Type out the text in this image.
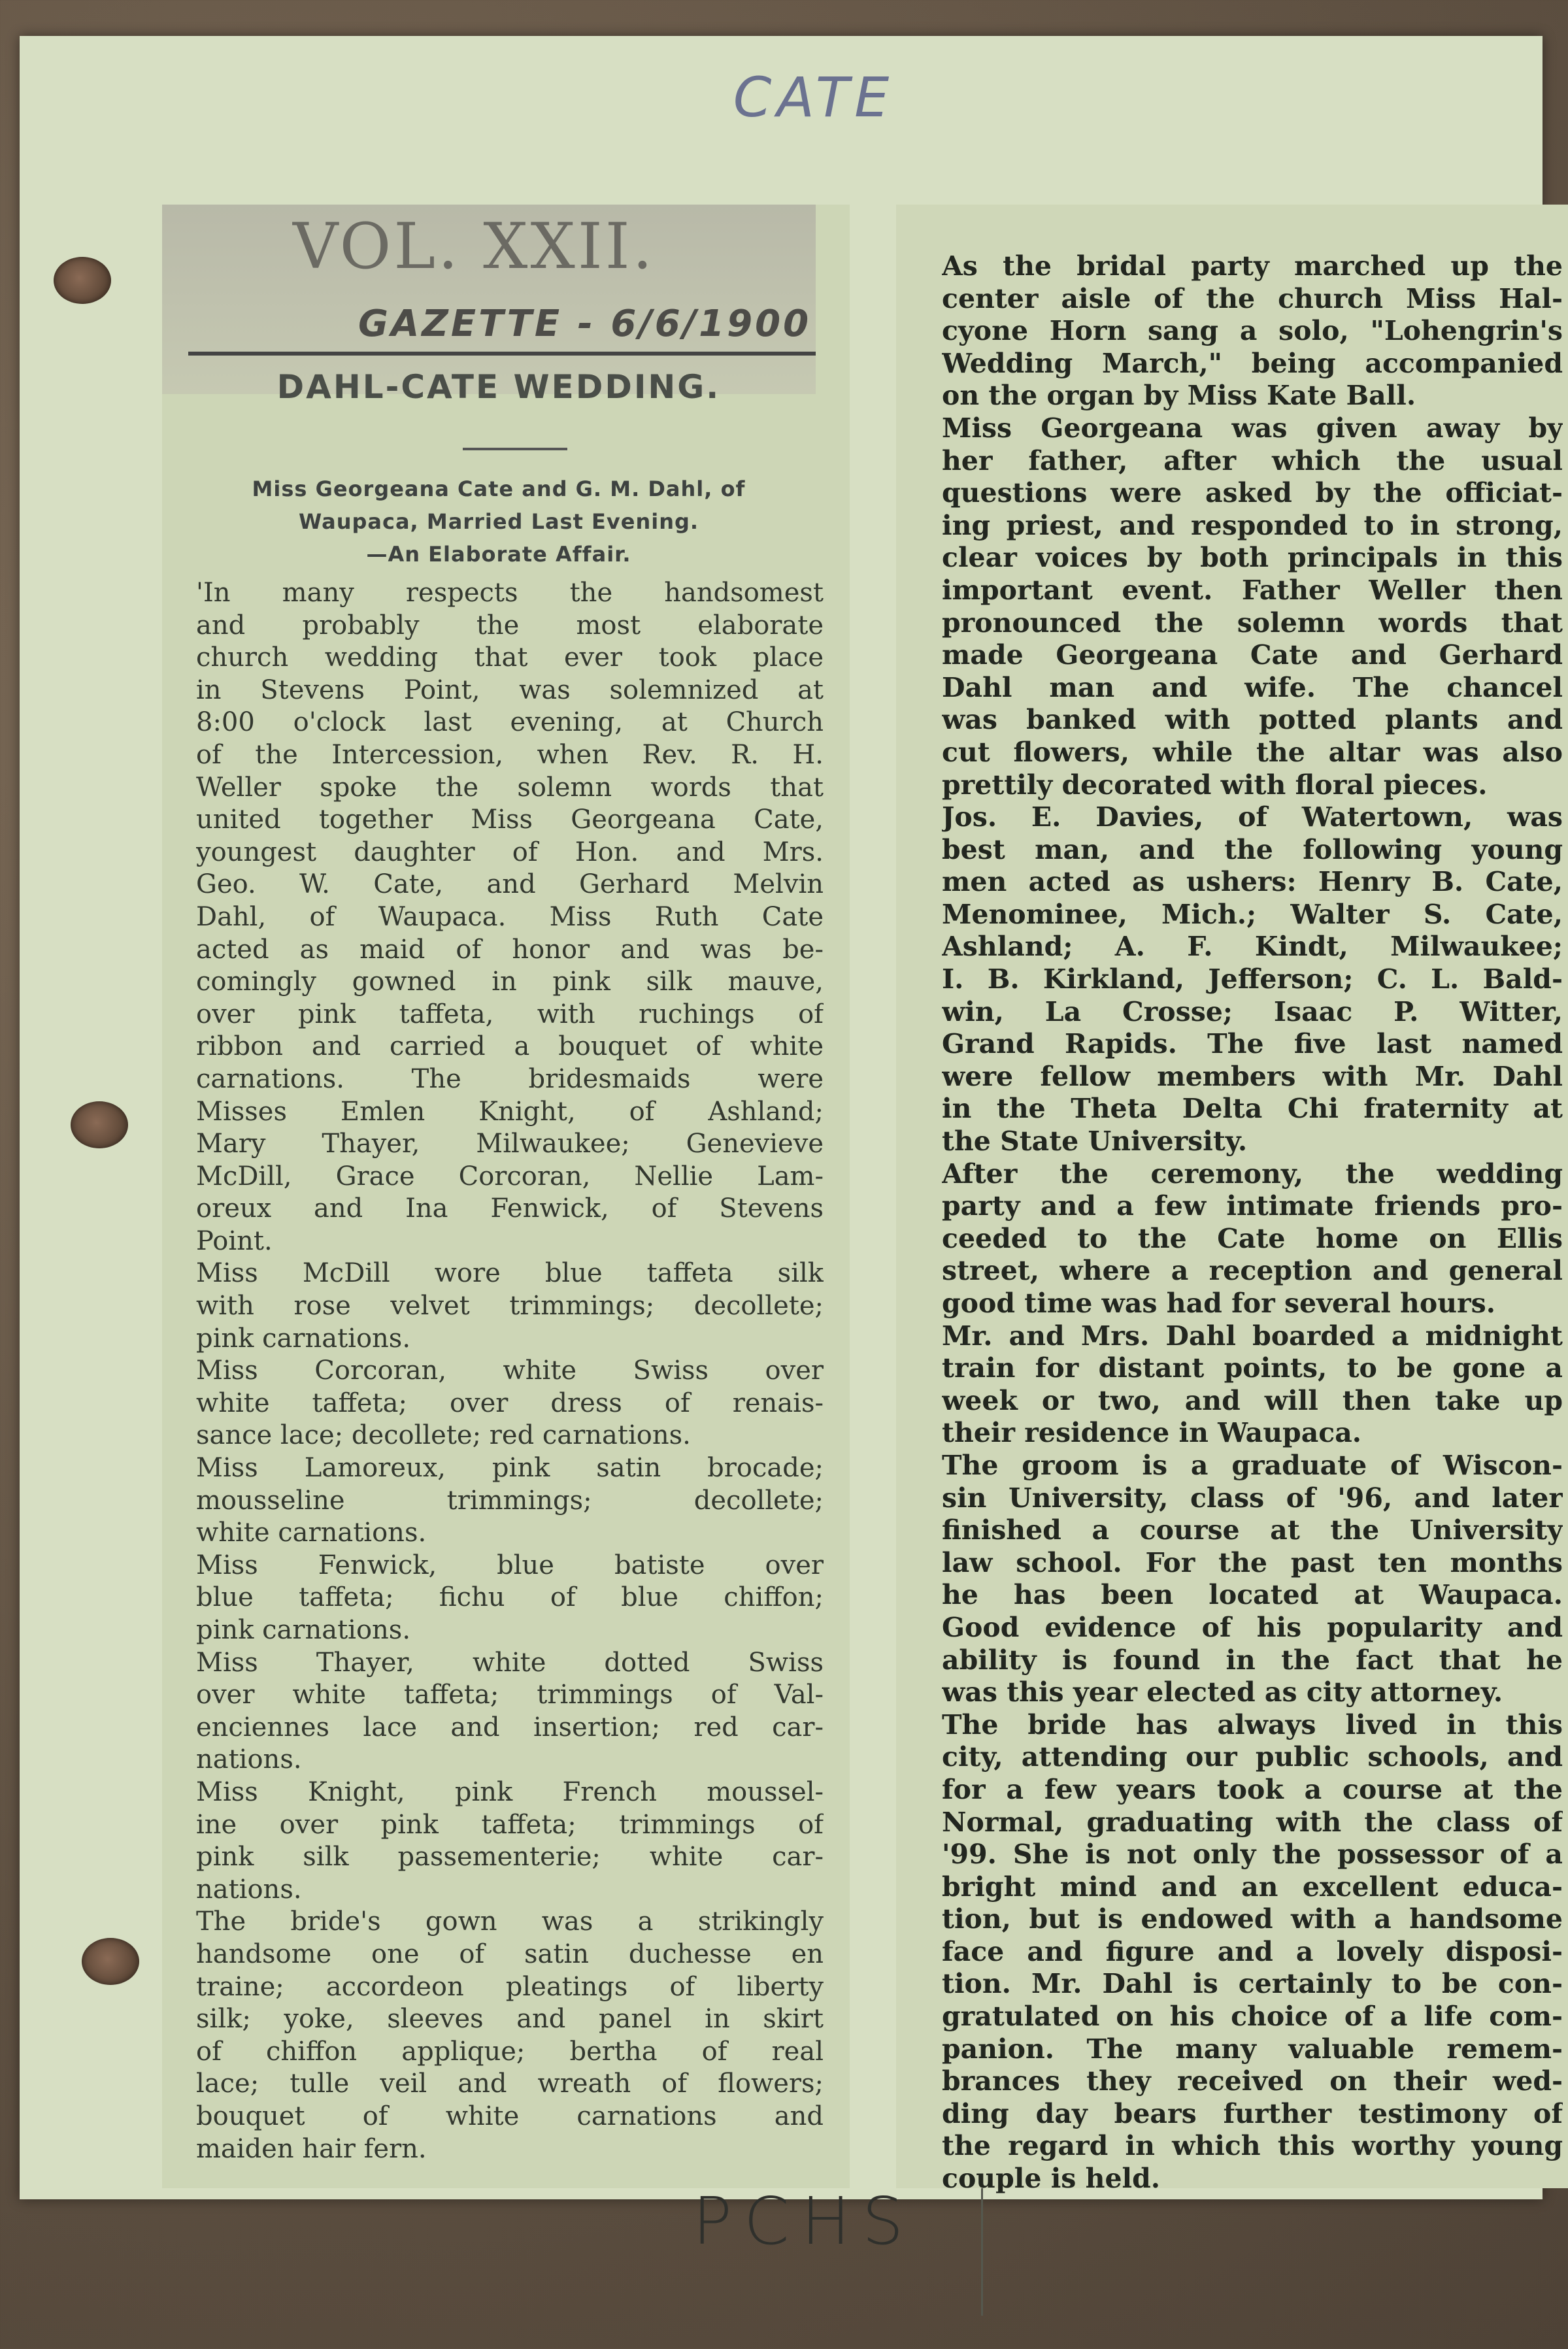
CATE
VOL. XXII.
GAZETTE - 6/6/1900
DAHL-CATE WEDDING.
Miss Georgeana Cate and G. M. Dahl, of
Waupaca, Married Last Evening.
—An Elaborate Affair.
'In many respects the handsomest
and probably the most elaborate
church wedding that ever took place
in Stevens Point, was solemnized at
8:00 o'clock last evening, at Church
of the Intercession, when Rev. R. H.
Weller spoke the solemn words that
united together Miss Georgeana Cate,
youngest daughter of Hon. and Mrs.
Geo. W. Cate, and Gerhard Melvin
Dahl, of Waupaca. Miss Ruth Cate
acted as maid of honor and was be-
comingly gowned in pink silk mauve,
over pink taffeta, with ruchings of
ribbon and carried a bouquet of white
carnations. The bridesmaids were
Misses Emlen Knight, of Ashland;
Mary Thayer, Milwaukee; Genevieve
McDill, Grace Corcoran, Nellie Lam-
oreux and Ina Fenwick, of Stevens
Point.
Miss McDill wore blue taffeta silk
with rose velvet trimmings; decollete;
pink carnations.
Miss Corcoran, white Swiss over
white taffeta; over dress of renais-
sance lace; decollete; red carnations.
Miss Lamoreux, pink satin brocade;
mousseline trimmings; decollete;
white carnations.
Miss Fenwick, blue batiste over
blue taffeta; fichu of blue chiffon;
pink carnations.
Miss Thayer, white dotted Swiss
over white taffeta; trimmings of Val-
enciennes lace and insertion; red car-
nations.
Miss Knight, pink French moussel-
ine over pink taffeta; trimmings of
pink silk passementerie; white car-
nations.
The bride's gown was a strikingly
handsome one of satin duchesse en
traine; accordeon pleatings of liberty
silk; yoke, sleeves and panel in skirt
of chiffon applique; bertha of real
lace; tulle veil and wreath of flowers;
bouquet of white carnations and
maiden hair fern.
As the bridal party marched up the
center aisle of the church Miss Hal-
cyone Horn sang a solo, "Lohengrin's
Wedding March," being accompanied
on the organ by Miss Kate Ball.
Miss Georgeana was given away by
her father, after which the usual
questions were asked by the officiat-
ing priest, and responded to in strong,
clear voices by both principals in this
important event. Father Weller then
pronounced the solemn words that
made Georgeana Cate and Gerhard
Dahl man and wife. The chancel
was banked with potted plants and
cut flowers, while the altar was also
prettily decorated with floral pieces.
Jos. E. Davies, of Watertown, was
best man, and the following young
men acted as ushers: Henry B. Cate,
Menominee, Mich.; Walter S. Cate,
Ashland; A. F. Kindt, Milwaukee;
I. B. Kirkland, Jefferson; C. L. Bald-
win, La Crosse; Isaac P. Witter,
Grand Rapids. The five last named
were fellow members with Mr. Dahl
in the Theta Delta Chi fraternity at
the State University.
After the ceremony, the wedding
party and a few intimate friends pro-
ceeded to the Cate home on Ellis
street, where a reception and general
good time was had for several hours.
Mr. and Mrs. Dahl boarded a midnight
train for distant points, to be gone a
week or two, and will then take up
their residence in Waupaca.
The groom is a graduate of Wiscon-
sin University, class of '96, and later
finished a course at the University
law school. For the past ten months
he has been located at Waupaca.
Good evidence of his popularity and
ability is found in the fact that he
was this year elected as city attorney.
The bride has always lived in this
city, attending our public schools, and
for a few years took a course at the
Normal, graduating with the class of
'99. She is not only the possessor of a
bright mind and an excellent educa-
tion, but is endowed with a handsome
face and figure and a lovely disposi-
tion. Mr. Dahl is certainly to be con-
gratulated on his choice of a life com-
panion. The many valuable remem-
brances they received on their wed-
ding day bears further testimony of
the regard in which this worthy young
couple is held.
PCHS
